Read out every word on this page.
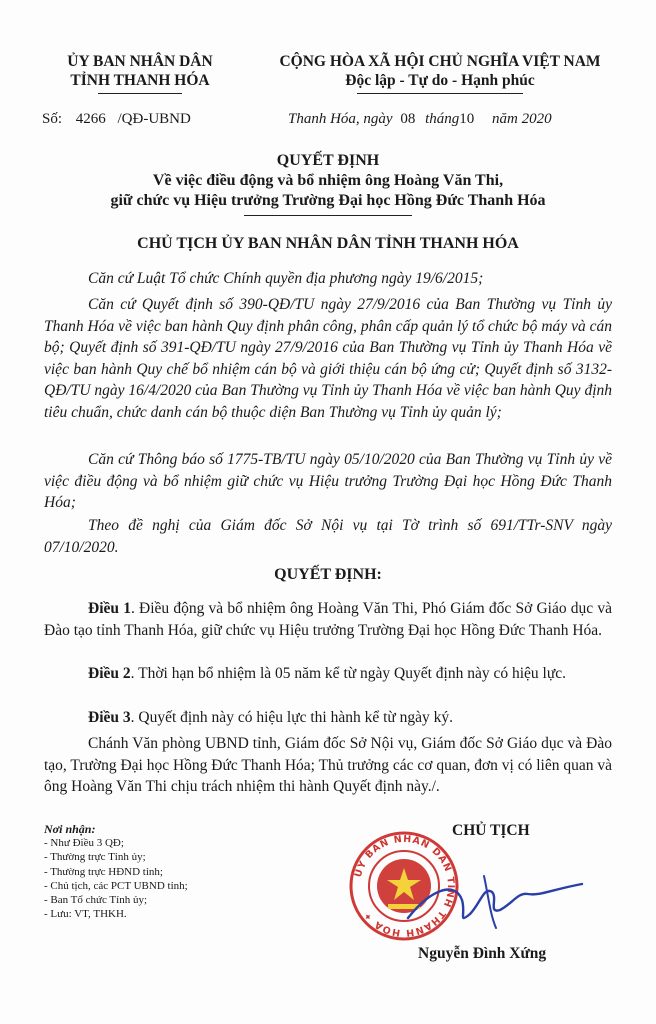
ỦY BAN NHÂN DÂN
TỈNH THANH HÓA
Số: 4266 /QĐ-UBND
CỘNG HÒA XÃ HỘI CHỦ NGHĨA VIỆT NAM
Độc lập - Tự do - Hạnh phúc
Thanh Hóa, ngày 08 tháng10 năm 2020
QUYẾT ĐỊNH
Về việc điều động và bổ nhiệm ông Hoàng Văn Thi,
giữ chức vụ Hiệu trưởng Trường Đại học Hồng Đức Thanh Hóa
CHỦ TỊCH ỦY BAN NHÂN DÂN TỈNH THANH HÓA

Căn cứ Luật Tổ chức Chính quyền địa phương ngày 19/6/2015;

Căn cứ Quyết định số 390-QĐ/TU ngày 27/9/2016 của Ban Thường vụ Tỉnh ủy Thanh Hóa về việc ban hành Quy định phân công, phân cấp quản lý tổ chức bộ máy và cán bộ; Quyết định số 391-QĐ/TU ngày 27/9/2016 của Ban Thường vụ Tỉnh ủy Thanh Hóa về việc ban hành Quy chế bổ nhiệm cán bộ và giới thiệu cán bộ ứng cử; Quyết định số 3132-QĐ/TU ngày 16/4/2020 của Ban Thường vụ Tỉnh ủy Thanh Hóa về việc ban hành Quy định tiêu chuẩn, chức danh cán bộ thuộc diện Ban Thường vụ Tỉnh ủy quản lý;

Căn cứ Thông báo số 1775-TB/TU ngày 05/10/2020 của Ban Thường vụ Tỉnh ủy về việc điều động và bổ nhiệm giữ chức vụ Hiệu trưởng Trường Đại học Hồng Đức Thanh Hóa;

Theo đề nghị của Giám đốc Sở Nội vụ tại Tờ trình số 691/TTr-SNV ngày 07/10/2020.

QUYẾT ĐỊNH:

Điều 1. Điều động và bổ nhiệm ông Hoàng Văn Thi, Phó Giám đốc Sở Giáo dục và Đào tạo tỉnh Thanh Hóa, giữ chức vụ Hiệu trưởng Trường Đại học Hồng Đức Thanh Hóa.

Điều 2. Thời hạn bổ nhiệm là 05 năm kể từ ngày Quyết định này có hiệu lực.

Điều 3. Quyết định này có hiệu lực thi hành kể từ ngày ký.

Chánh Văn phòng UBND tỉnh, Giám đốc Sở Nội vụ, Giám đốc Sở Giáo dục và Đào tạo, Trường Đại học Hồng Đức Thanh Hóa; Thủ trưởng các cơ quan, đơn vị có liên quan và ông Hoàng Văn Thi chịu trách nhiệm thi hành Quyết định này./.

Nơi nhận:
- Như Điều 3 QĐ;
- Thường trực Tỉnh ủy;
- Thường trực HĐND tỉnh;
- Chủ tịch, các PCT UBND tỉnh;
- Ban Tổ chức Tỉnh ủy;
- Lưu: VT, THKH.
CHỦ TỊCH
ỦY BAN NHÂN DÂN TỈNH THANH HÓA ✦
Nguyễn Đình Xứng
